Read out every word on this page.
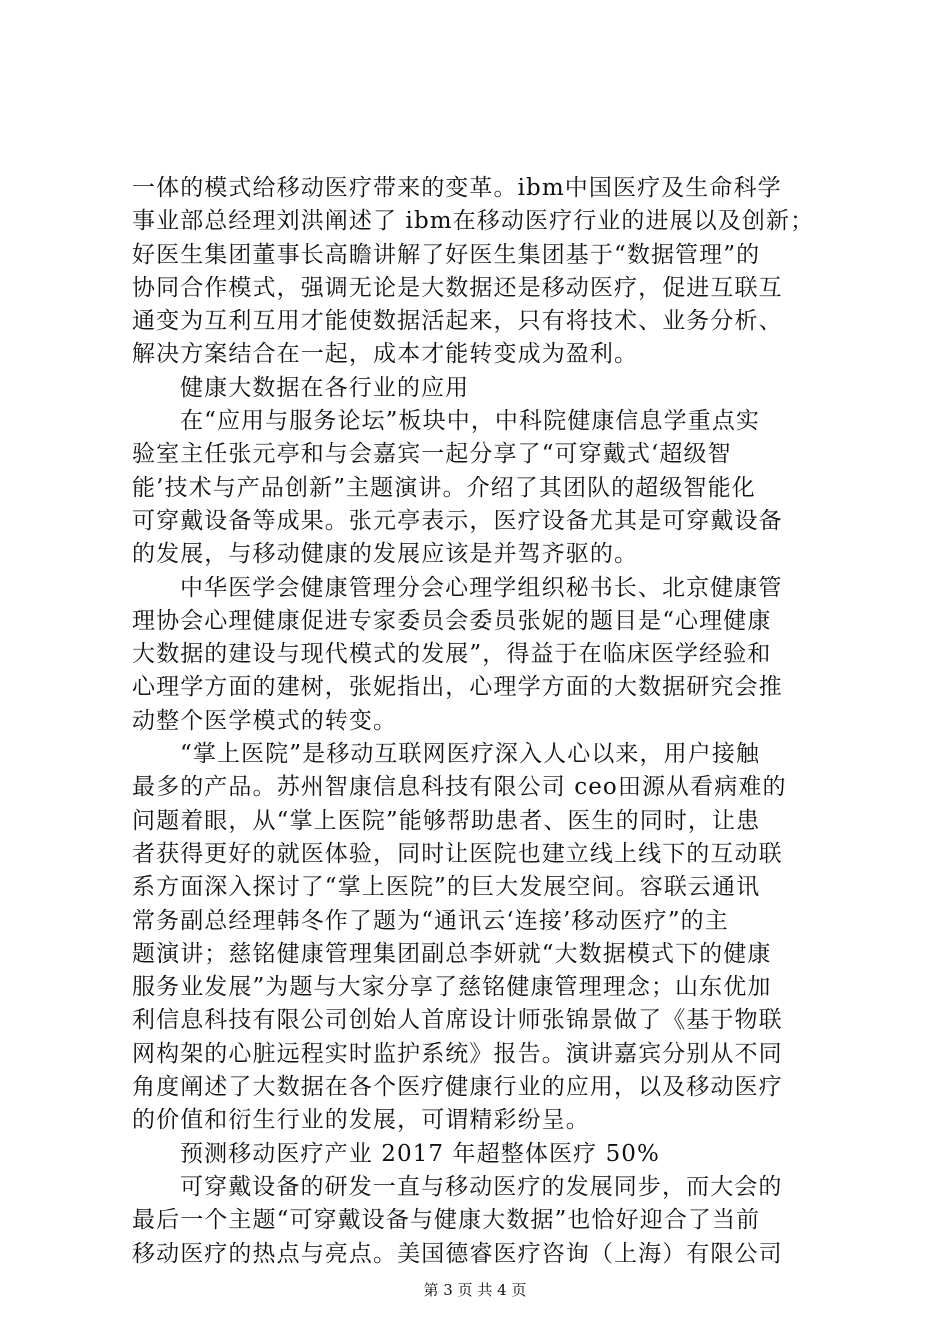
一体的模式给移动医疗带来的变革。ibm中国医疗及生命科学
事业部总经理刘洪阐述了 ibm在移动医疗行业的进展以及创新；
好医生集团董事长高瞻讲解了好医生集团基于“数据管理”的
协同合作模式，强调无论是大数据还是移动医疗，促进互联互
通变为互利互用才能使数据活起来，只有将技术、业务分析、
解决方案结合在一起，成本才能转变成为盈利。
健康大数据在各行业的应用
在“应用与服务论坛”板块中，中科院健康信息学重点实
验室主任张元亭和与会嘉宾一起分享了“可穿戴式‘超级智
能’技术与产品创新”主题演讲。介绍了其团队的超级智能化
可穿戴设备等成果。张元亭表示，医疗设备尤其是可穿戴设备
的发展，与移动健康的发展应该是并驾齐驱的。
中华医学会健康管理分会心理学组织秘书长、北京健康管
理协会心理健康促进专家委员会委员张妮的题目是“心理健康
大数据的建设与现代模式的发展”，得益于在临床医学经验和
心理学方面的建树，张妮指出，心理学方面的大数据研究会推
动整个医学模式的转变。
“掌上医院”是移动互联网医疗深入人心以来，用户接触
最多的产品。苏州智康信息科技有限公司 ceo田源从看病难的
问题着眼，从“掌上医院”能够帮助患者、医生的同时，让患
者获得更好的就医体验，同时让医院也建立线上线下的互动联
系方面深入探讨了“掌上医院”的巨大发展空间。容联云通讯
常务副总经理韩冬作了题为“通讯云‘连接’移动医疗”的主
题演讲；慈铭健康管理集团副总李妍就“大数据模式下的健康
服务业发展”为题与大家分享了慈铭健康管理理念；山东优加
利信息科技有限公司创始人首席设计师张锦景做了《基于物联
网构架的心脏远程实时监护系统》报告。演讲嘉宾分别从不同
角度阐述了大数据在各个医疗健康行业的应用，以及移动医疗
的价值和衍生行业的发展，可谓精彩纷呈。
预测移动医疗产业 2017 年超整体医疗 50%
可穿戴设备的研发一直与移动医疗的发展同步，而大会的
最后一个主题“可穿戴设备与健康大数据”也恰好迎合了当前
移动医疗的热点与亮点。美国德睿医疗咨询（上海）有限公司
第 3 页 共 4 页
